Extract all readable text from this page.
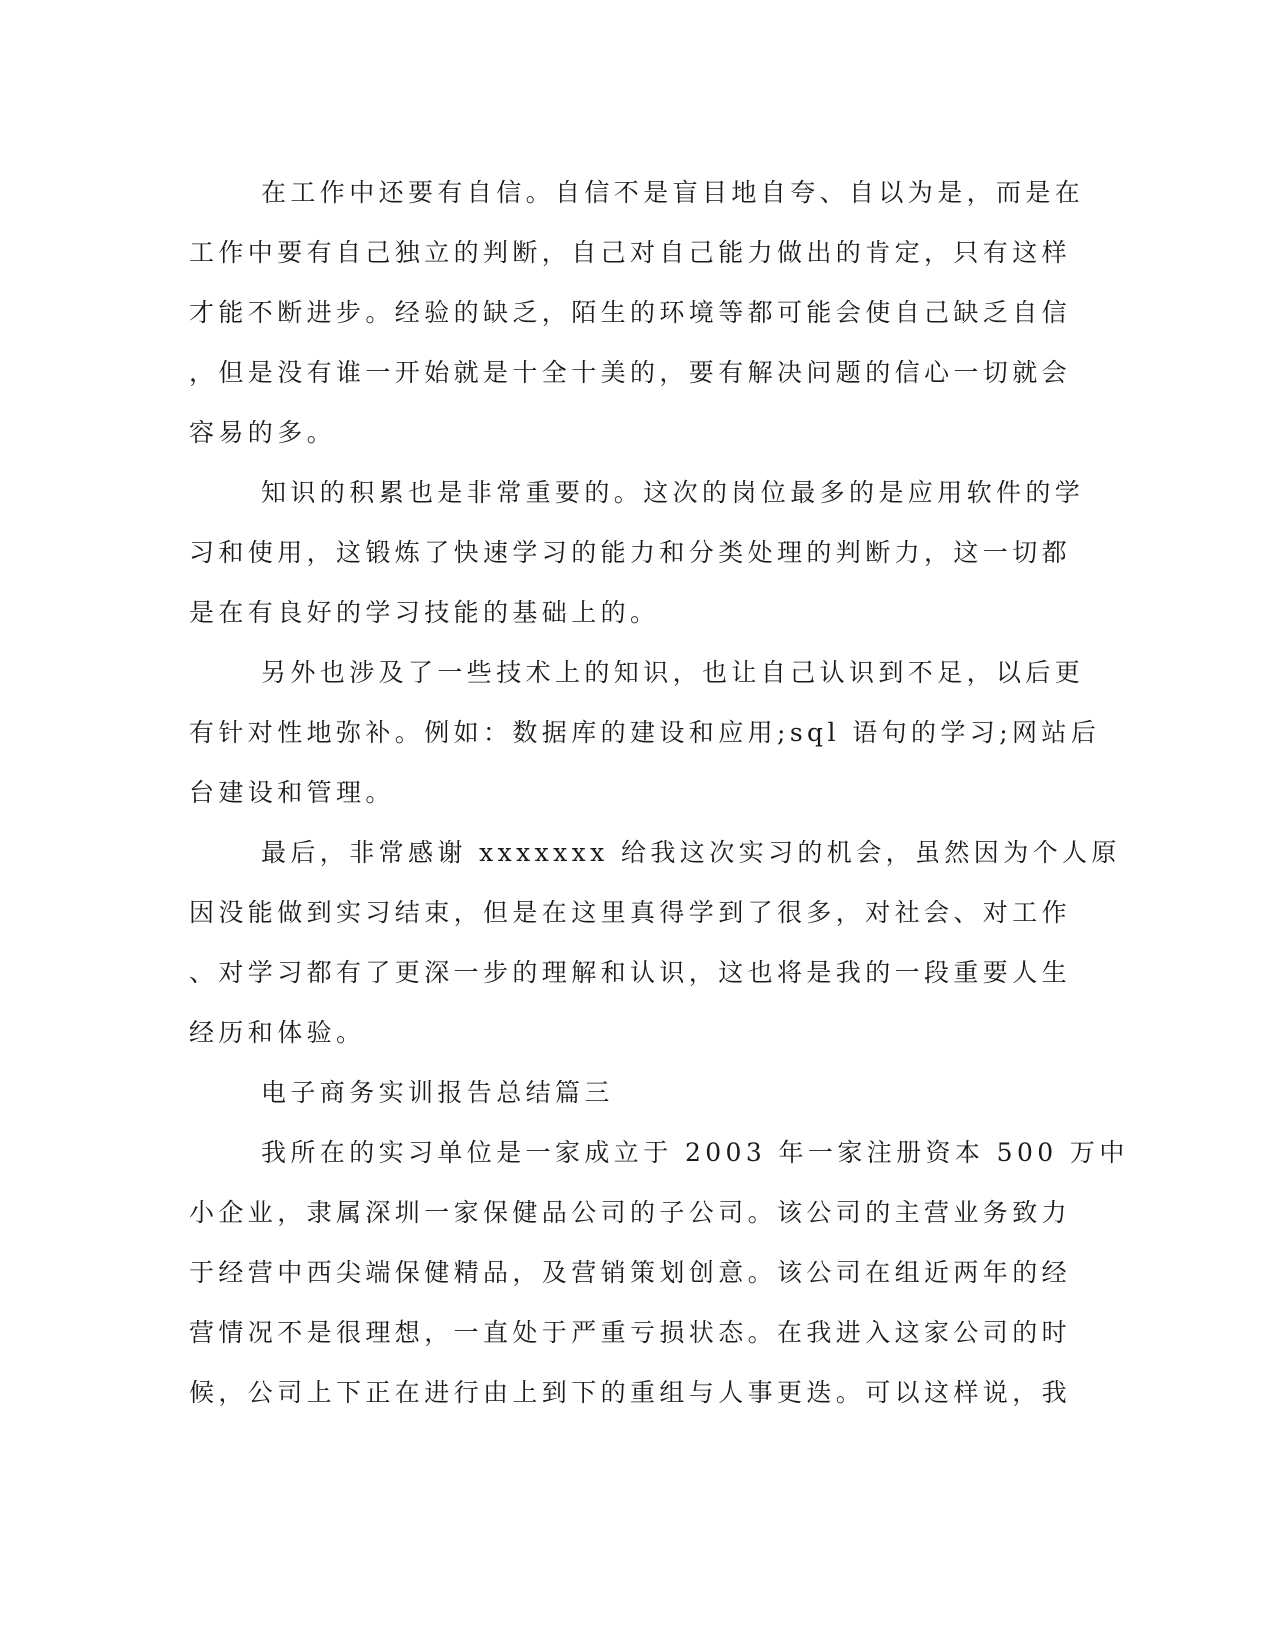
在工作中还要有自信。自信不是盲目地自夸、自以为是，而是在
工作中要有自己独立的判断，自己对自己能力做出的肯定，只有这样
才能不断进步。经验的缺乏，陌生的环境等都可能会使自己缺乏自信
，但是没有谁一开始就是十全十美的，要有解决问题的信心一切就会
容易的多。
知识的积累也是非常重要的。这次的岗位最多的是应用软件的学
习和使用，这锻炼了快速学习的能力和分类处理的判断力，这一切都
是在有良好的学习技能的基础上的。
另外也涉及了一些技术上的知识，也让自己认识到不足，以后更
有针对性地弥补。例如：数据库的建设和应用;sql 语句的学习;网站后
台建设和管理。
最后，非常感谢 xxxxxxx 给我这次实习的机会，虽然因为个人原
因没能做到实习结束，但是在这里真得学到了很多，对社会、对工作
、对学习都有了更深一步的理解和认识，这也将是我的一段重要人生
经历和体验。
电子商务实训报告总结篇三
我所在的实习单位是一家成立于 2003 年一家注册资本 500 万中
小企业，隶属深圳一家保健品公司的子公司。该公司的主营业务致力
于经营中西尖端保健精品，及营销策划创意。该公司在组近两年的经
营情况不是很理想，一直处于严重亏损状态。在我进入这家公司的时
候，公司上下正在进行由上到下的重组与人事更迭。可以这样说，我
